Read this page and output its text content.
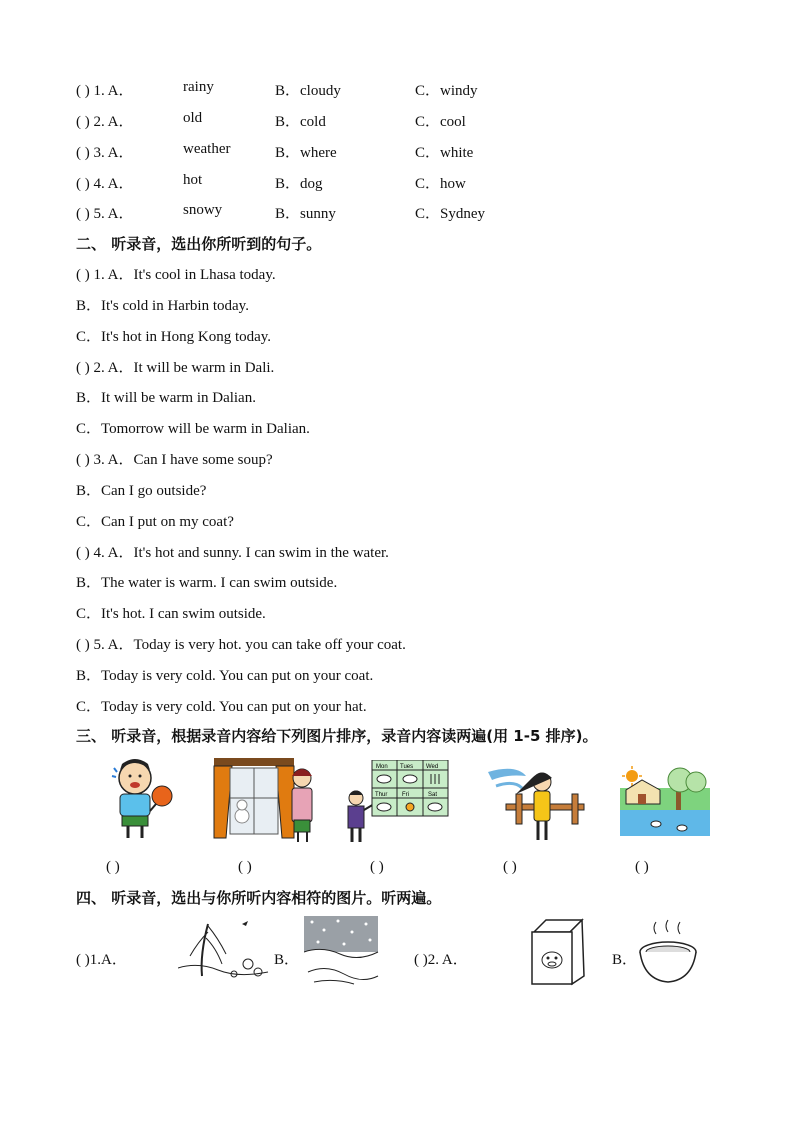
( ) 1. A．	rainy	B．cloudy	C．windy
( ) 2. A．	old	B．cold	C．cool
( ) 3. A．	weather	B．where	C．white
( ) 4. A．	hot	B．dog	C．how
( ) 5. A．	snowy	B．sunny	C．Sydney
二、 听录音，选出你所听到的句子。
( ) 1. A．It's cool in Lhasa today.
B．It's cold in Harbin today.
C．It's hot in Hong Kong today.
( ) 2. A．It will be warm in Dali.
B．It will be warm in Dalian.
C．Tomorrow will be warm in Dalian.
( ) 3. A．Can I have some soup?
B．Can I go outside?
C．Can I put on my coat?
( ) 4. A．It's hot and sunny. I can swim in the water.
B．The water is warm. I can swim outside.
C．It's hot. I can swim outside.
( ) 5. A．Today is very hot. you can take off your coat.
B．Today is very cold. You can put on your coat.
C．Today is very cold. You can put on your hat.
三、 听录音，根据录音内容给下列图片排序，录音内容读两遍(用 1-5 排序)。
Mon Tues Wed
Thur Fri	Sat
( )	( )	( )	( )	( )
四、 听录音，选出与你所听内容相符的图片。听两遍。
( )1.A．	B．	( )2. A．	B．
